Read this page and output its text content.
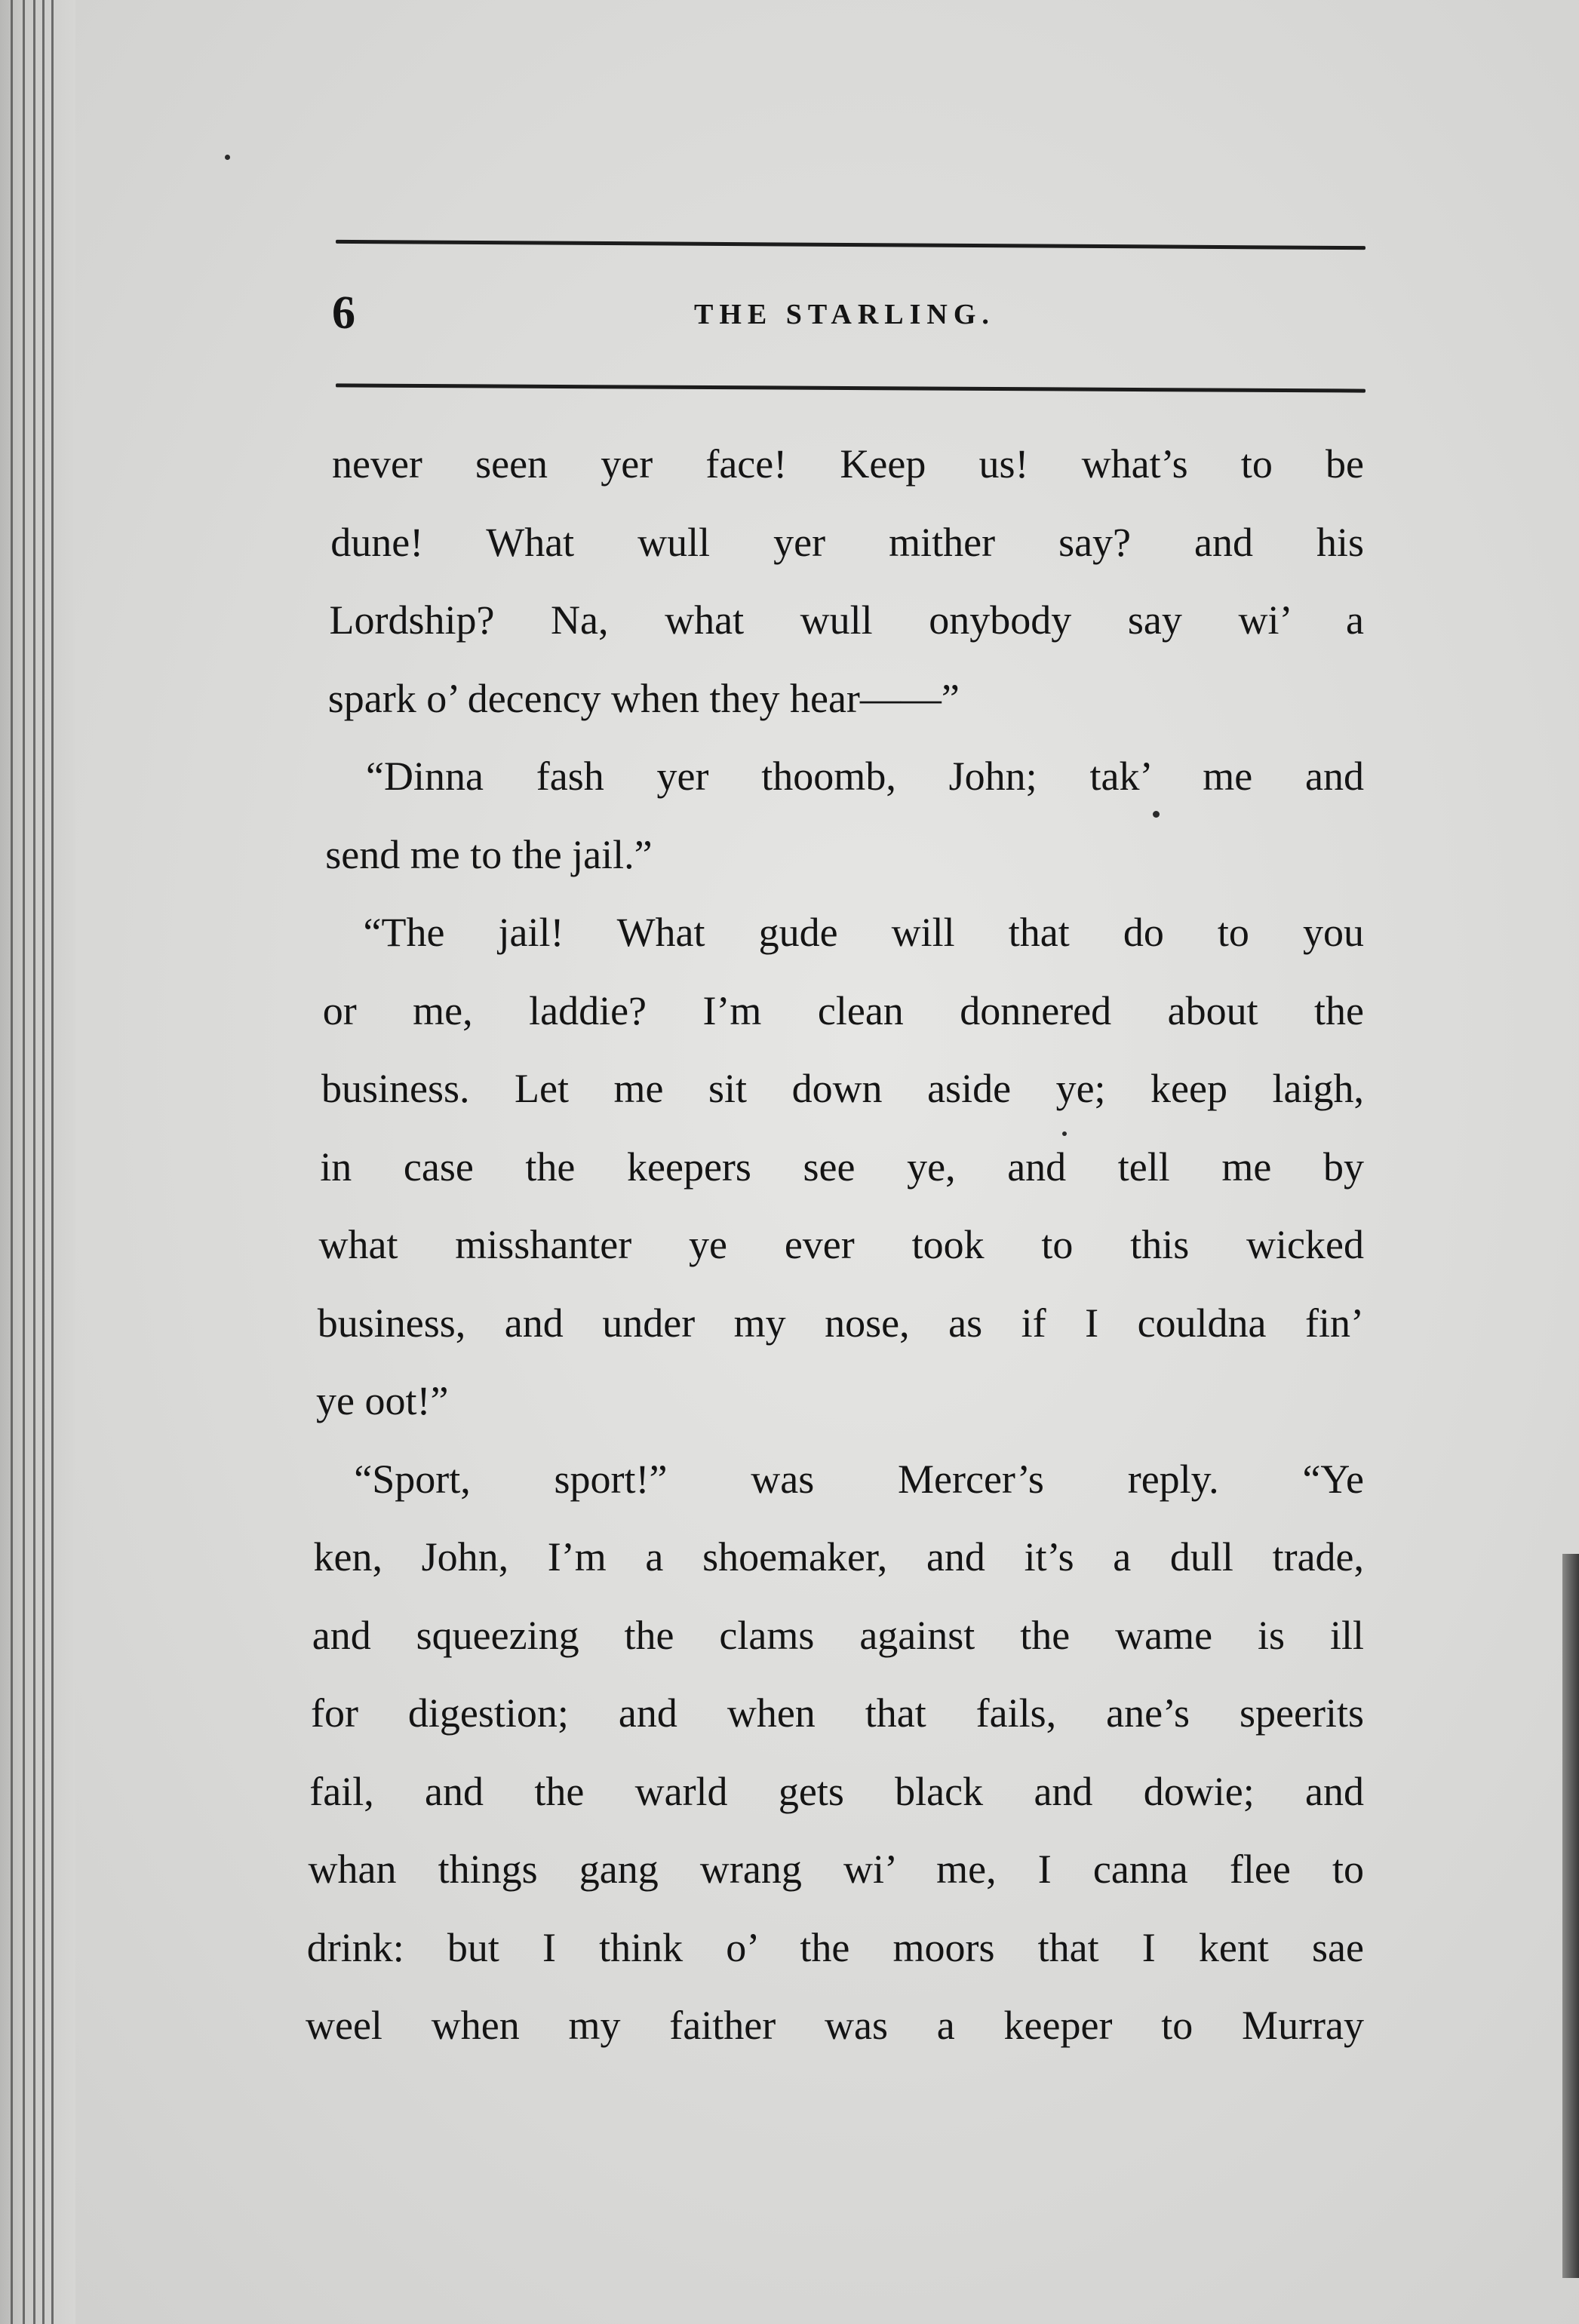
6	THE STARLING.
never seen yer face! Keep us! what’s to be
dune! What wull yer mither say? and his
Lordship? Na, what wull onybody say wi’ a
spark o’ decency when they hear——”
“Dinna fash yer thoomb, John; tak’ me and
send me to the jail.”
“The jail! What gude will that do to you
or me, laddie? I’m clean donnered about the
business. Let me sit down aside ye; keep laigh,
in case the keepers see ye, and tell me by
what misshanter ye ever took to this wicked
business, and under my nose, as if I couldna fin’
ye oot!”
“Sport, sport!” was Mercer’s reply. “Ye
ken, John, I’m a shoemaker, and it’s a dull trade,
and squeezing the clams against the wame is ill
for digestion; and when that fails, ane’s speerits
fail, and the warld gets black and dowie; and
whan things gang wrang wi’ me, I canna flee to
drink: but I think o’ the moors that I kent sae
weel when my faither was a keeper to Murray
